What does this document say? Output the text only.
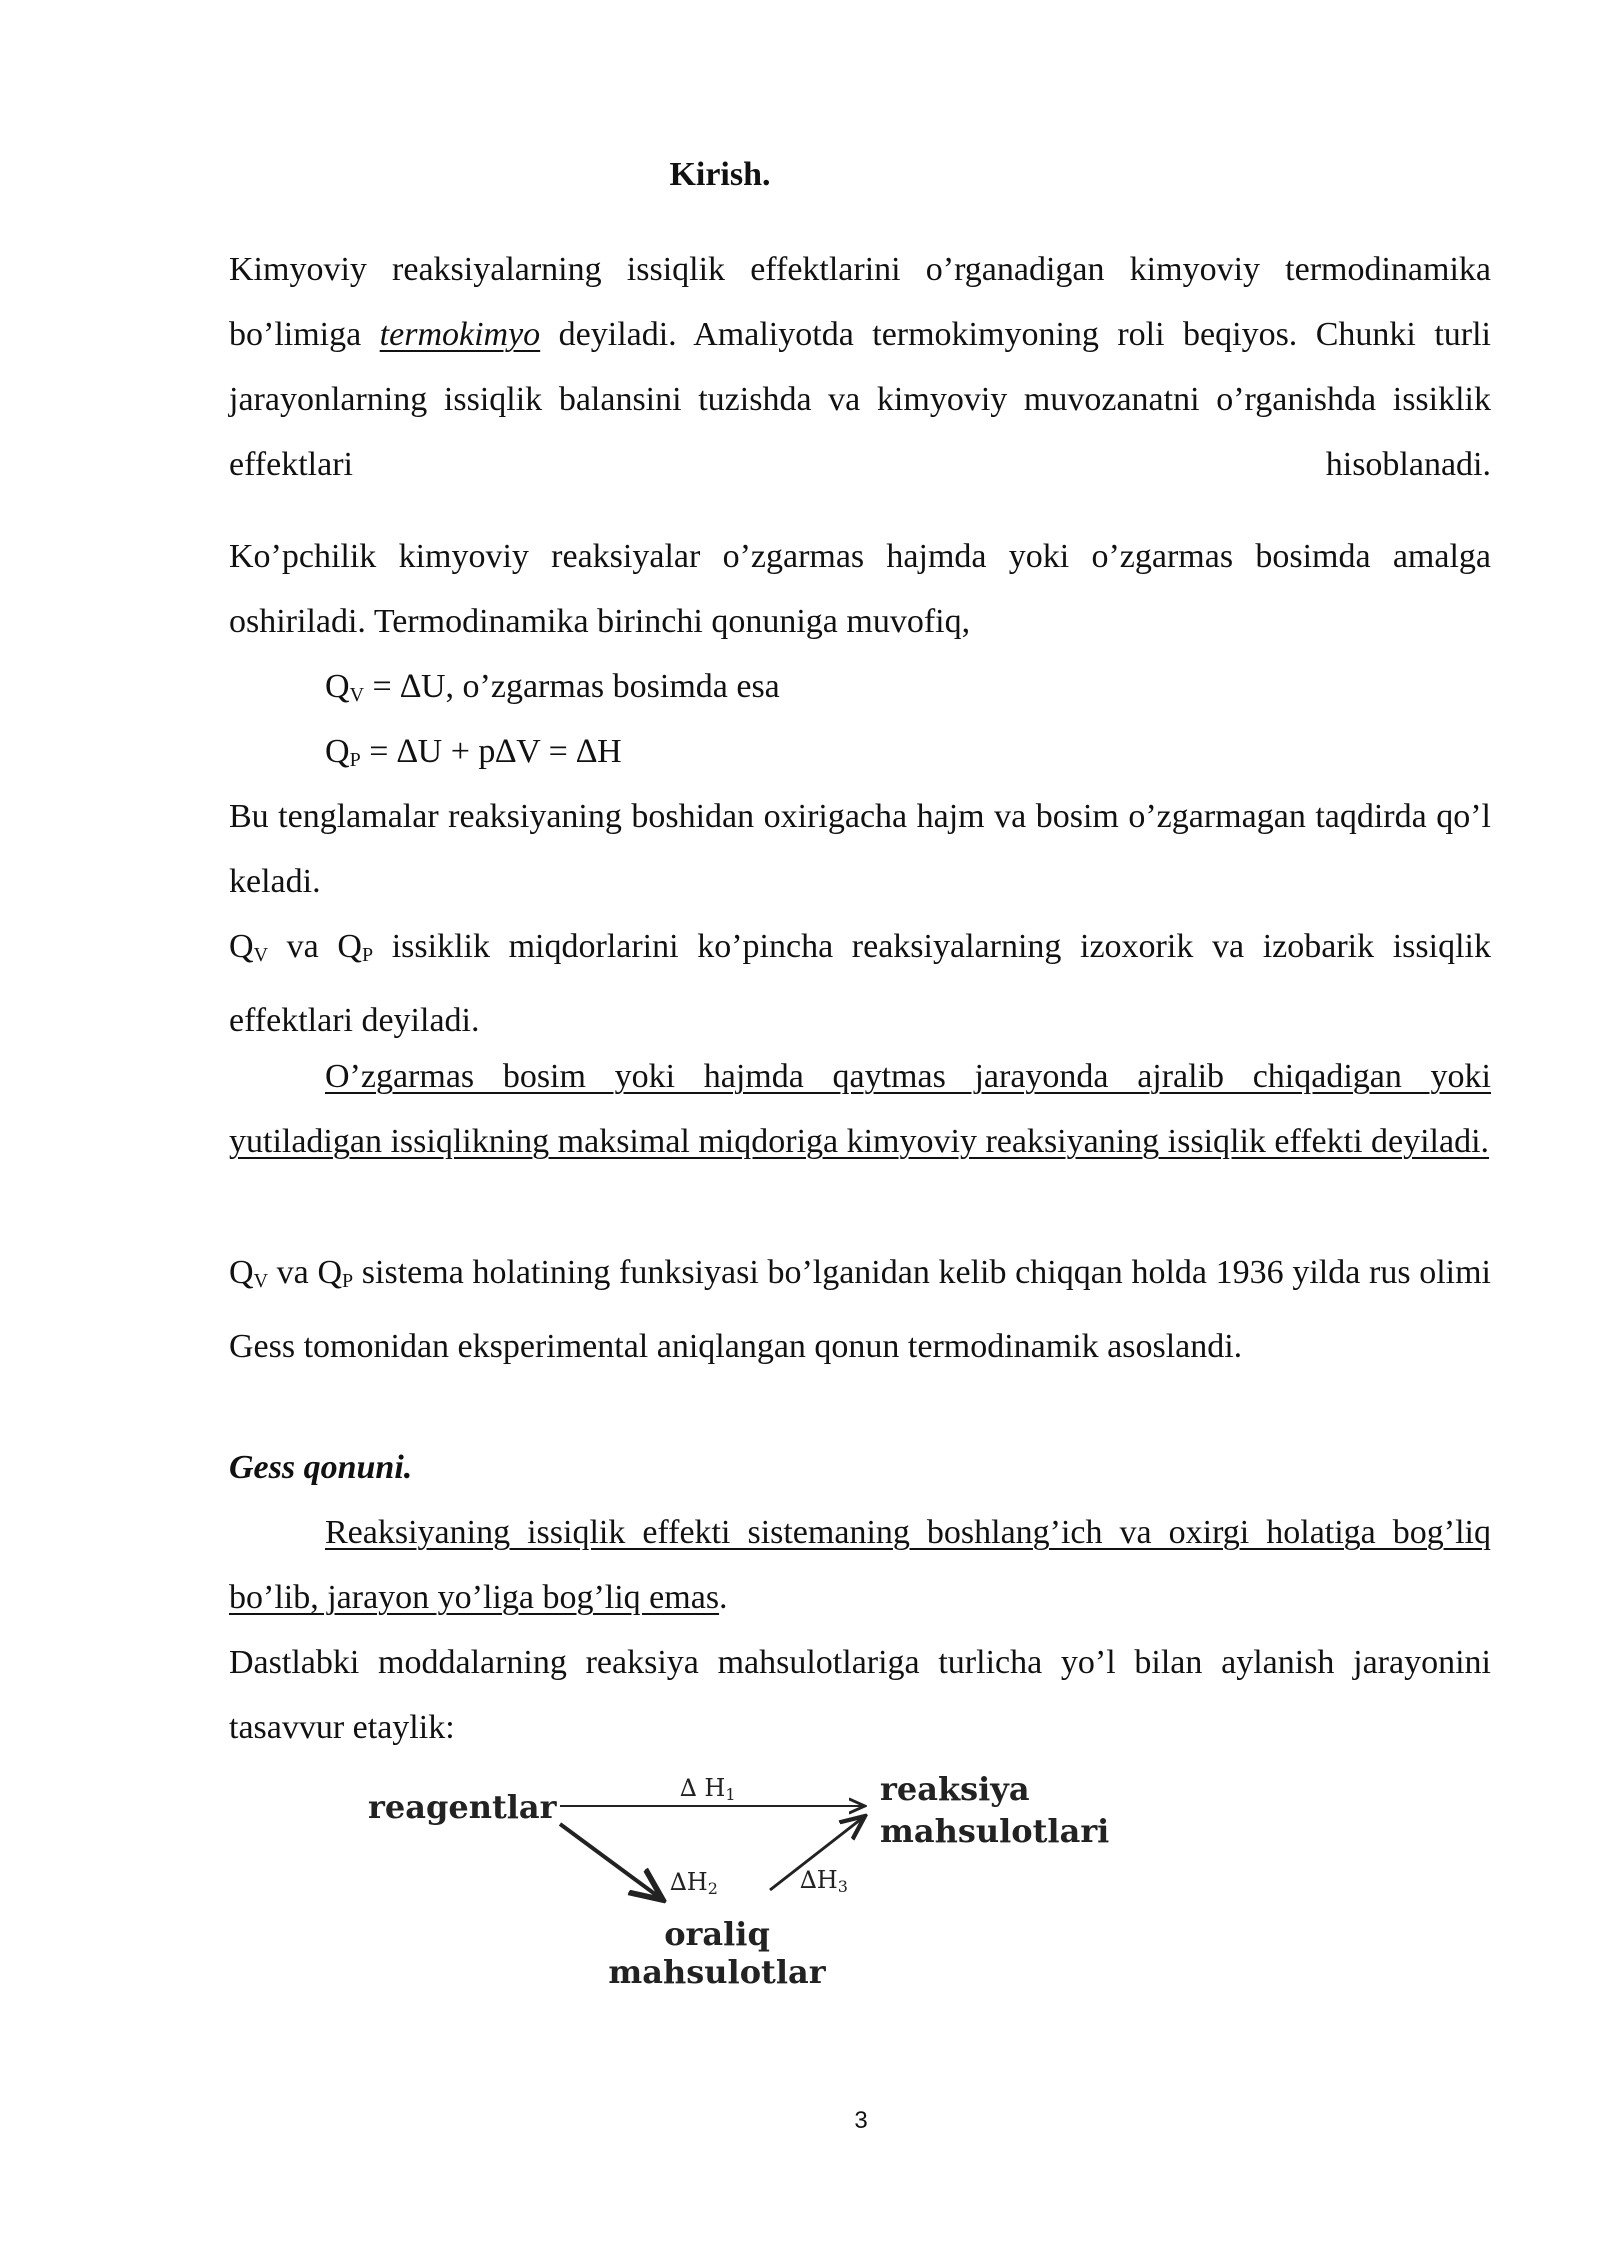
Kirish.
Kimyoviy reaksiyalarning issiqlik effektlarini o’rganadigan kimyoviy termodinamika bo’limiga termokimyo deyiladi. Amaliyotda termokimyoning roli beqiyos. Chunki turli jarayonlarning issiqlik balansini tuzishda va kimyoviy muvozanatni o’rganishda issiklik effektlari hisoblanadi.
Ko’pchilik kimyoviy reaksiyalar o’zgarmas hajmda yoki o’zgarmas bosimda amalga oshiriladi. Termodinamika birinchi qonuniga muvofiq,
$Q_V = \Delta U$, o’zgarmas bosimda esa
$Q_P = \Delta U + p\Delta V = \Delta H$
Bu tenglamalar reaksiyaning boshidan oxirigacha hajm va bosim o’zgarmagan taqdirda qo’l keladi.
$Q_V$ va $Q_P$ issiklik miqdorlarini ko’pincha reaksiyalarning izoxorik va izobarik issiqlik effektlari deyiladi.
O’zgarmas bosim yoki hajmda qaytmas jarayonda ajralib chiqadigan yoki yutiladigan issiqlikning maksimal miqdoriga kimyoviy reaksiyaning issiqlik effekti deyiladi.
$Q_V$ va $Q_P$ sistema holatining funksiyasi bo’lganidan kelib chiqqan holda 1936 yilda rus olimi Gess tomonidan eksperimental aniqlangan qonun termodinamik asoslandi.
Gess qonuni.
Reaksiyaning issiqlik effekti sistemaning boshlang’ich va oxirgi holatiga bog’liq bo’lib, jarayon yo’liga bog’liq emas.
Dastlabki moddalarning reaksiya mahsulotlariga turlicha yo’l bilan aylanish jarayonini tasavvur etaylik:
reagentlar	∆ H1	reaksiya
mahsulotlari
∆H2	∆H3
oraliq
mahsulotlar
3
